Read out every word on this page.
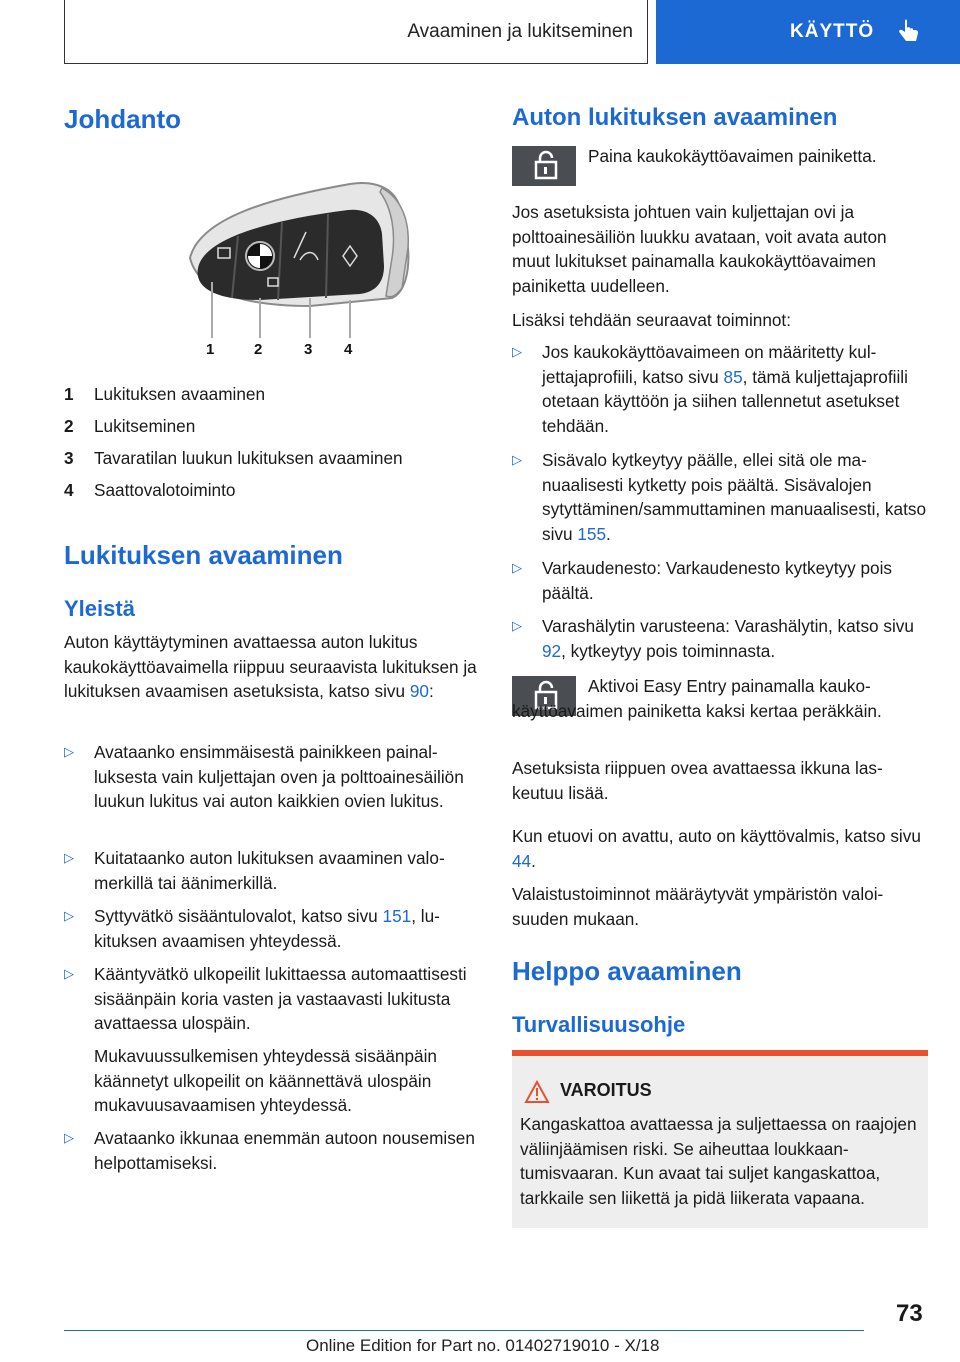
Avaaminen ja lukitseminen	KÄYTTÖ
Johdanto
1	2	3 4
1 Lukituksen avaaminen
2 Lukitseminen
3 Tavaratilan luukun lukituksen avaaminen
4 Saattovalotoiminto
Lukituksen avaaminen
Yleistä
Auton käyttäytyminen avattaessa auton lukitus kaukokäyttöavaimella riippuu seuraavista lukituksen ja lukituksen avaamisen asetuksista, katso sivu 90:
▷ Avataanko ensimmäisestä painikkeen painalluksesta vain kuljettajan oven ja polttoainesäiliön luukun lukitus vai auton kaikkien ovien lukitus.
▷ Kuitataanko auton lukituksen avaaminen valomerkillä tai äänimerkillä.
▷ Syttyvätkö sisääntulovalot, katso sivu 151, lukituksen avaamisen yhteydessä.
▷ Kääntyvätkö ulkopeilit lukittaessa automaattisesti sisäänpäin koria vasten ja vastaavasti lukitusta avattaessa ulospäin.
Mukavuussulkemisen yhteydessä sisäänpäin käännetyt ulkopeilit on käännettävä ulospäin mukavuusavaamisen yhteydessä.
▷ Avataanko ikkunaa enemmän autoon nousemisen helpottamiseksi.
Auton lukituksen avaaminen
Paina kaukokäyttöavaimen painiketta.
Jos asetuksista johtuen vain kuljettajan ovi ja polttoainesäiliön luukku avataan, voit avata auton muut lukitukset painamalla kaukokäyttöavaimen painiketta uudelleen.
Lisäksi tehdään seuraavat toiminnot:
▷ Jos kaukokäyttöavaimeen on määritetty kuljettajaprofiili, katso sivu 85, tämä kuljettajaprofiili otetaan käyttöön ja siihen tallennetut asetukset tehdään.
▷ Sisävalo kytkeytyy päälle, ellei sitä ole manuaalisesti kytketty pois päältä. Sisävalojen sytyttäminen/sammuttaminen manuaalisesti, katso sivu 155.
▷ Varkaudenesto: Varkaudenesto kytkeytyy pois päältä.
▷ Varashälytin varusteena: Varashälytin, katso sivu 92, kytkeytyy pois toiminnasta.
Aktivoi Easy Entry painamalla kaukokäyttöavaimen painiketta kaksi kertaa peräkkäin.
Asetuksista riippuen ovea avattaessa ikkuna laskeutuu lisää.
Kun etuovi on avattu, auto on käyttövalmis, katso sivu 44.
Valaistustoiminnot määräytyvät ympäristön valoisuuden mukaan.
Helppo avaaminen
Turvallisuusohje
VAROITUS
Kangaskattoa avattaessa ja suljettaessa on raajojen väliinjäämisen riski. Se aiheuttaa loukkaantumisvaaran. Kun avaat tai suljet kangaskattoa, tarkkaile sen liikettä ja pidä liikerata vapaana.
73
Online Edition for Part no. 01402719010 - X/18
